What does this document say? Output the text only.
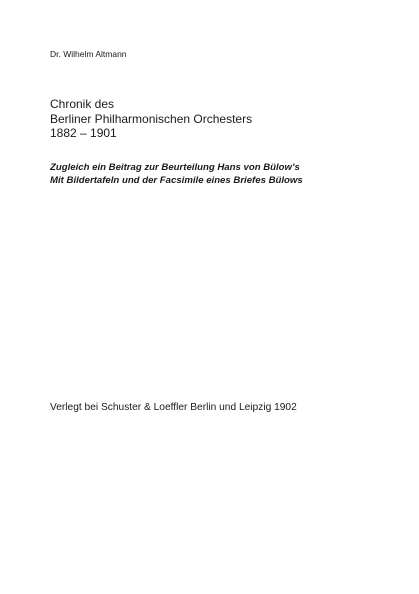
Dr. Wilhelm Altmann
Chronik des
Berliner Philharmonischen Orchesters
1882 – 1901
Zugleich ein Beitrag zur Beurteilung Hans von Bülow’s
Mit Bildertafeln und der Facsimile eines Briefes Bülows
Verlegt bei Schuster & Loeffler Berlin und Leipzig 1902
